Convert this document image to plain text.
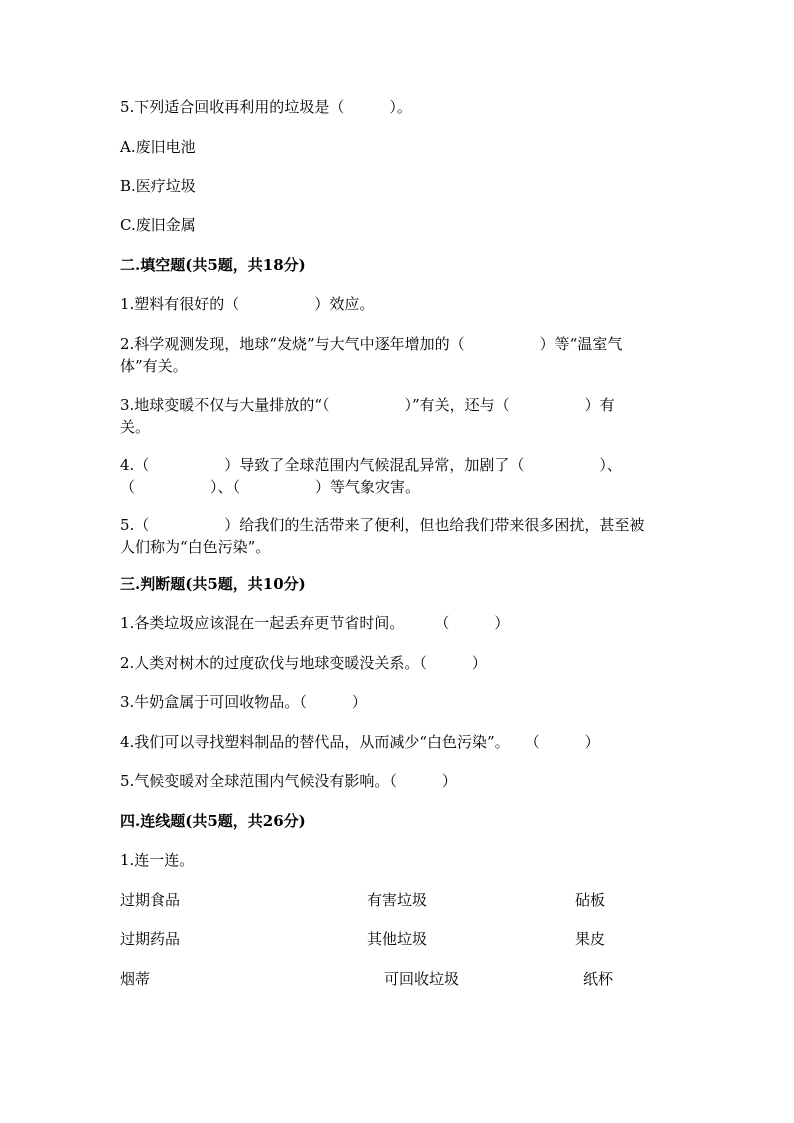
5.下列适合回收再利用的垃圾是（　　　）。
A.废旧电池
B.医疗垃圾
C.废旧金属
二.填空题(共5题，共18分)
1.塑料有很好的（　　　　　）效应。
2.科学观测发现，地球“发烧”与大气中逐年增加的（　　　　　）等“温室气
体”有关。
3.地球变暖不仅与大量排放的“（　　　　　）”有关，还与（　　　　　）有
关。
4.（　　　　　）导致了全球范围内气候混乱异常，加剧了（　　　　　）、
（　　　　　）、（　　　　　）等气象灾害。
5.（　　　　　）给我们的生活带来了便利，但也给我们带来很多困扰，甚至被
人们称为“白色污染”。
三.判断题(共5题，共10分)
1.各类垃圾应该混在一起丢弃更节省时间。　　　（　　　）
2.人类对树木的过度砍伐与地球变暖没关系。（　　　）
3.牛奶盒属于可回收物品。（　　　）
4.我们可以寻找塑料制品的替代品，从而减少“白色污染”。　　（　　　）
5.气候变暖对全球范围内气候没有影响。（　　　）
四.连线题(共5题，共26分)
1.连一连。
过期食品	有害垃圾	砧板
过期药品	其他垃圾	果皮
烟蒂	可回收垃圾	纸杯
